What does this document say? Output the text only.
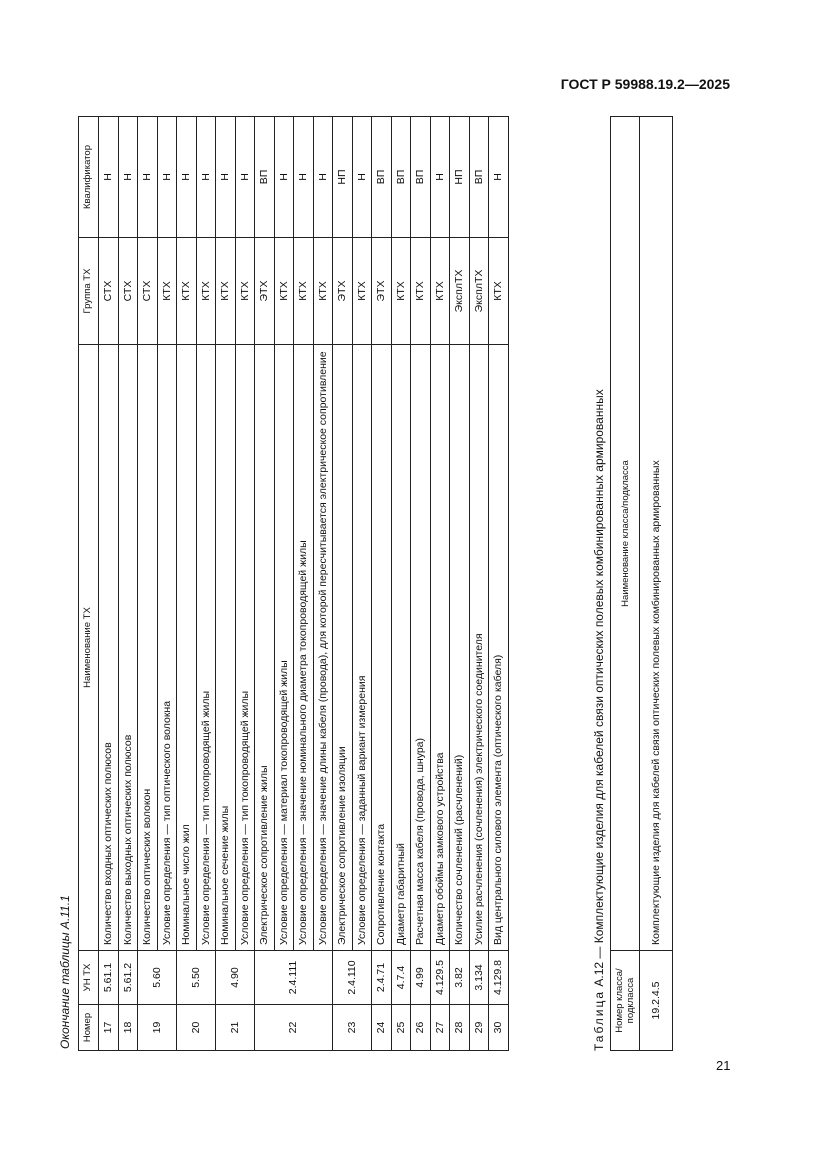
ГОСТ Р 59988.19.2—2025
21
Окончание таблицы А.11.1 Номер	УН ТХ	Наименование ТХ	Группа ТХ	Квалификатор
17	5.61.1	Количество входных оптических полюсов	СТХ	Н
18	5.61.2	Количество выходных оптических полюсов	СТХ	Н
19	5.60	Количество оптических волокон	СТХ	Н
		Условие определения — тип оптического волокна	КТХ	Н
20	5.50	Номинальное число жил	КТХ	Н
		Условие определения — тип токопроводящей жилы	КТХ	Н
21	4.90	Номинальное сечение жилы	КТХ	Н
		Условие определения — тип токопроводящей жилы	КТХ	Н
22	2.4.111	Электрическое сопротивление жилы	ЭТХ	ВП
		Условие определения — материал токопроводящей жилы	КТХ	Н
		Условие определения — значение номинального диаметра токопроводящей жилы	КТХ	Н
		Условие определения — значение длины кабеля (провода), для которой пересчитывается электрическое сопротивление	КТХ	Н
23	2.4.110	Электрическое сопротивление изоляции	ЭТХ	НП
		Условие определения — заданный вариант измерения	КТХ	Н
24	2.4.71	Сопротивление контакта	ЭТХ	ВП
25	4.7.4	Диаметр габаритный	КТХ	ВП
26	4.99	Расчетная масса кабеля (провода, шнура)	КТХ	ВП
27	4.129.5	Диаметр обоймы замкового устройства	КТХ	Н
28	3.82	Количество сочленений (расчленений)	ЭксплТХ	НП
29	3.134	Усилие расчленения (сочленения) электрического соединителя	ЭксплТХ	ВП
30	4.129.8	Вид центрального силового элемента (оптического кабеля)	КТХ	Н
Таблица А.12 — Комплектующие изделия для кабелей связи оптических полевых комбинированных армированных
Номер класса/подкласса	Наименование класса/подкласса
19.2.4.5	Комплектующие изделия для кабелей связи оптических полевых комбинированных армированных
